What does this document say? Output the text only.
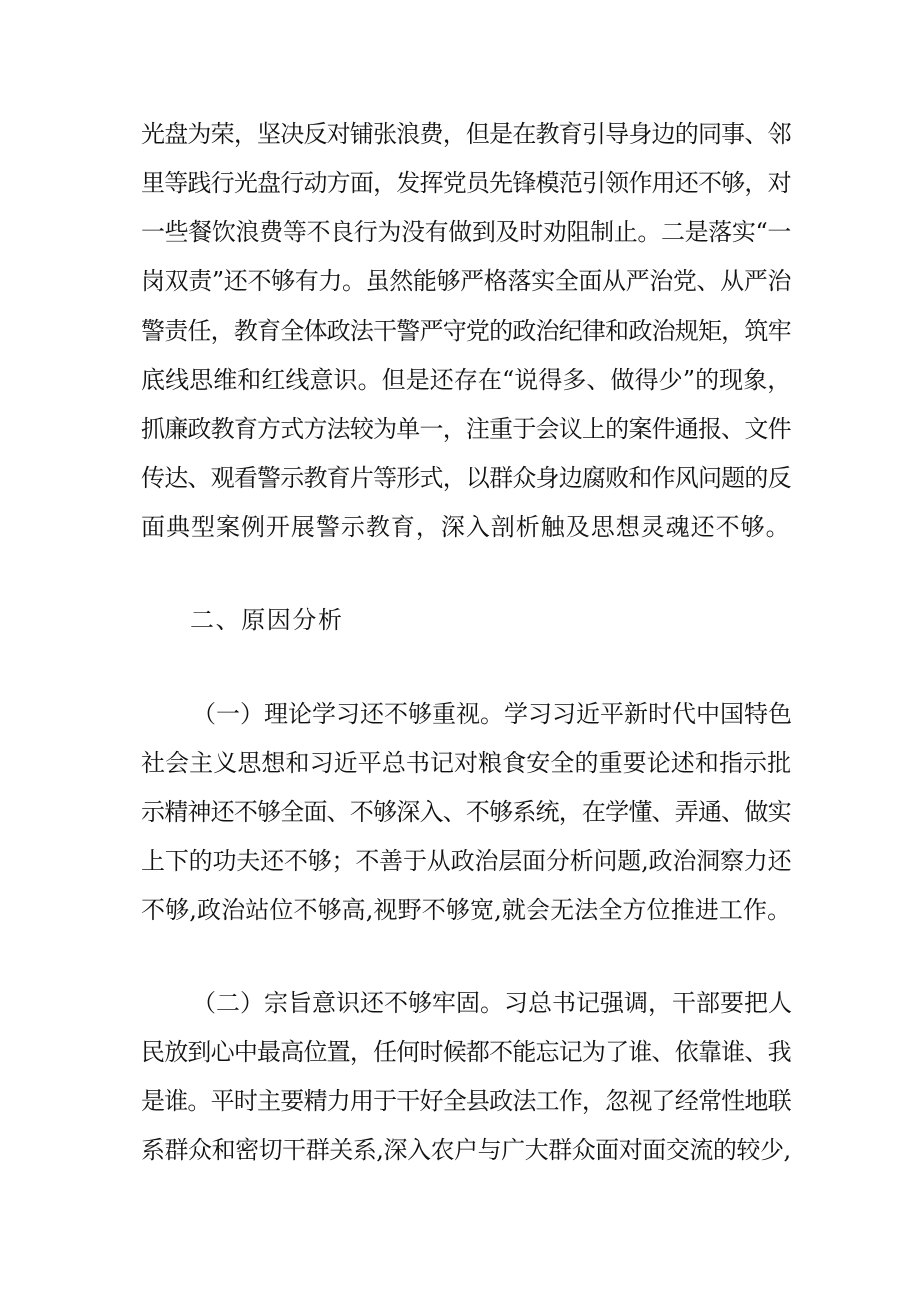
光盘为荣，坚决反对铺张浪费，但是在教育引导身边的同事、邻
里等践行光盘行动方面，发挥党员先锋模范引领作用还不够，对
一些餐饮浪费等不良行为没有做到及时劝阻制止。二是落实“一
岗双责”还不够有力。虽然能够严格落实全面从严治党、从严治
警责任，教育全体政法干警严守党的政治纪律和政治规矩，筑牢
底线思维和红线意识。但是还存在“说得多、做得少”的现象，
抓廉政教育方式方法较为单一，注重于会议上的案件通报、文件
传达、观看警示教育片等形式，以群众身边腐败和作风问题的反
面典型案例开展警示教育，深入剖析触及思想灵魂还不够。
二、原因分析
（一）理论学习还不够重视。学习习近平新时代中国特色
社会主义思想和习近平总书记对粮食安全的重要论述和指示批
示精神还不够全面、不够深入、不够系统，在学懂、弄通、做实
上下的功夫还不够；不善于从政治层面分析问题,政治洞察力还
不够,政治站位不够高,视野不够宽,就会无法全方位推进工作。
（二）宗旨意识还不够牢固。习总书记强调，干部要把人
民放到心中最高位置，任何时候都不能忘记为了谁、依靠谁、我
是谁。平时主要精力用于干好全县政法工作，忽视了经常性地联
系群众和密切干群关系,深入农户与广大群众面对面交流的较少,
